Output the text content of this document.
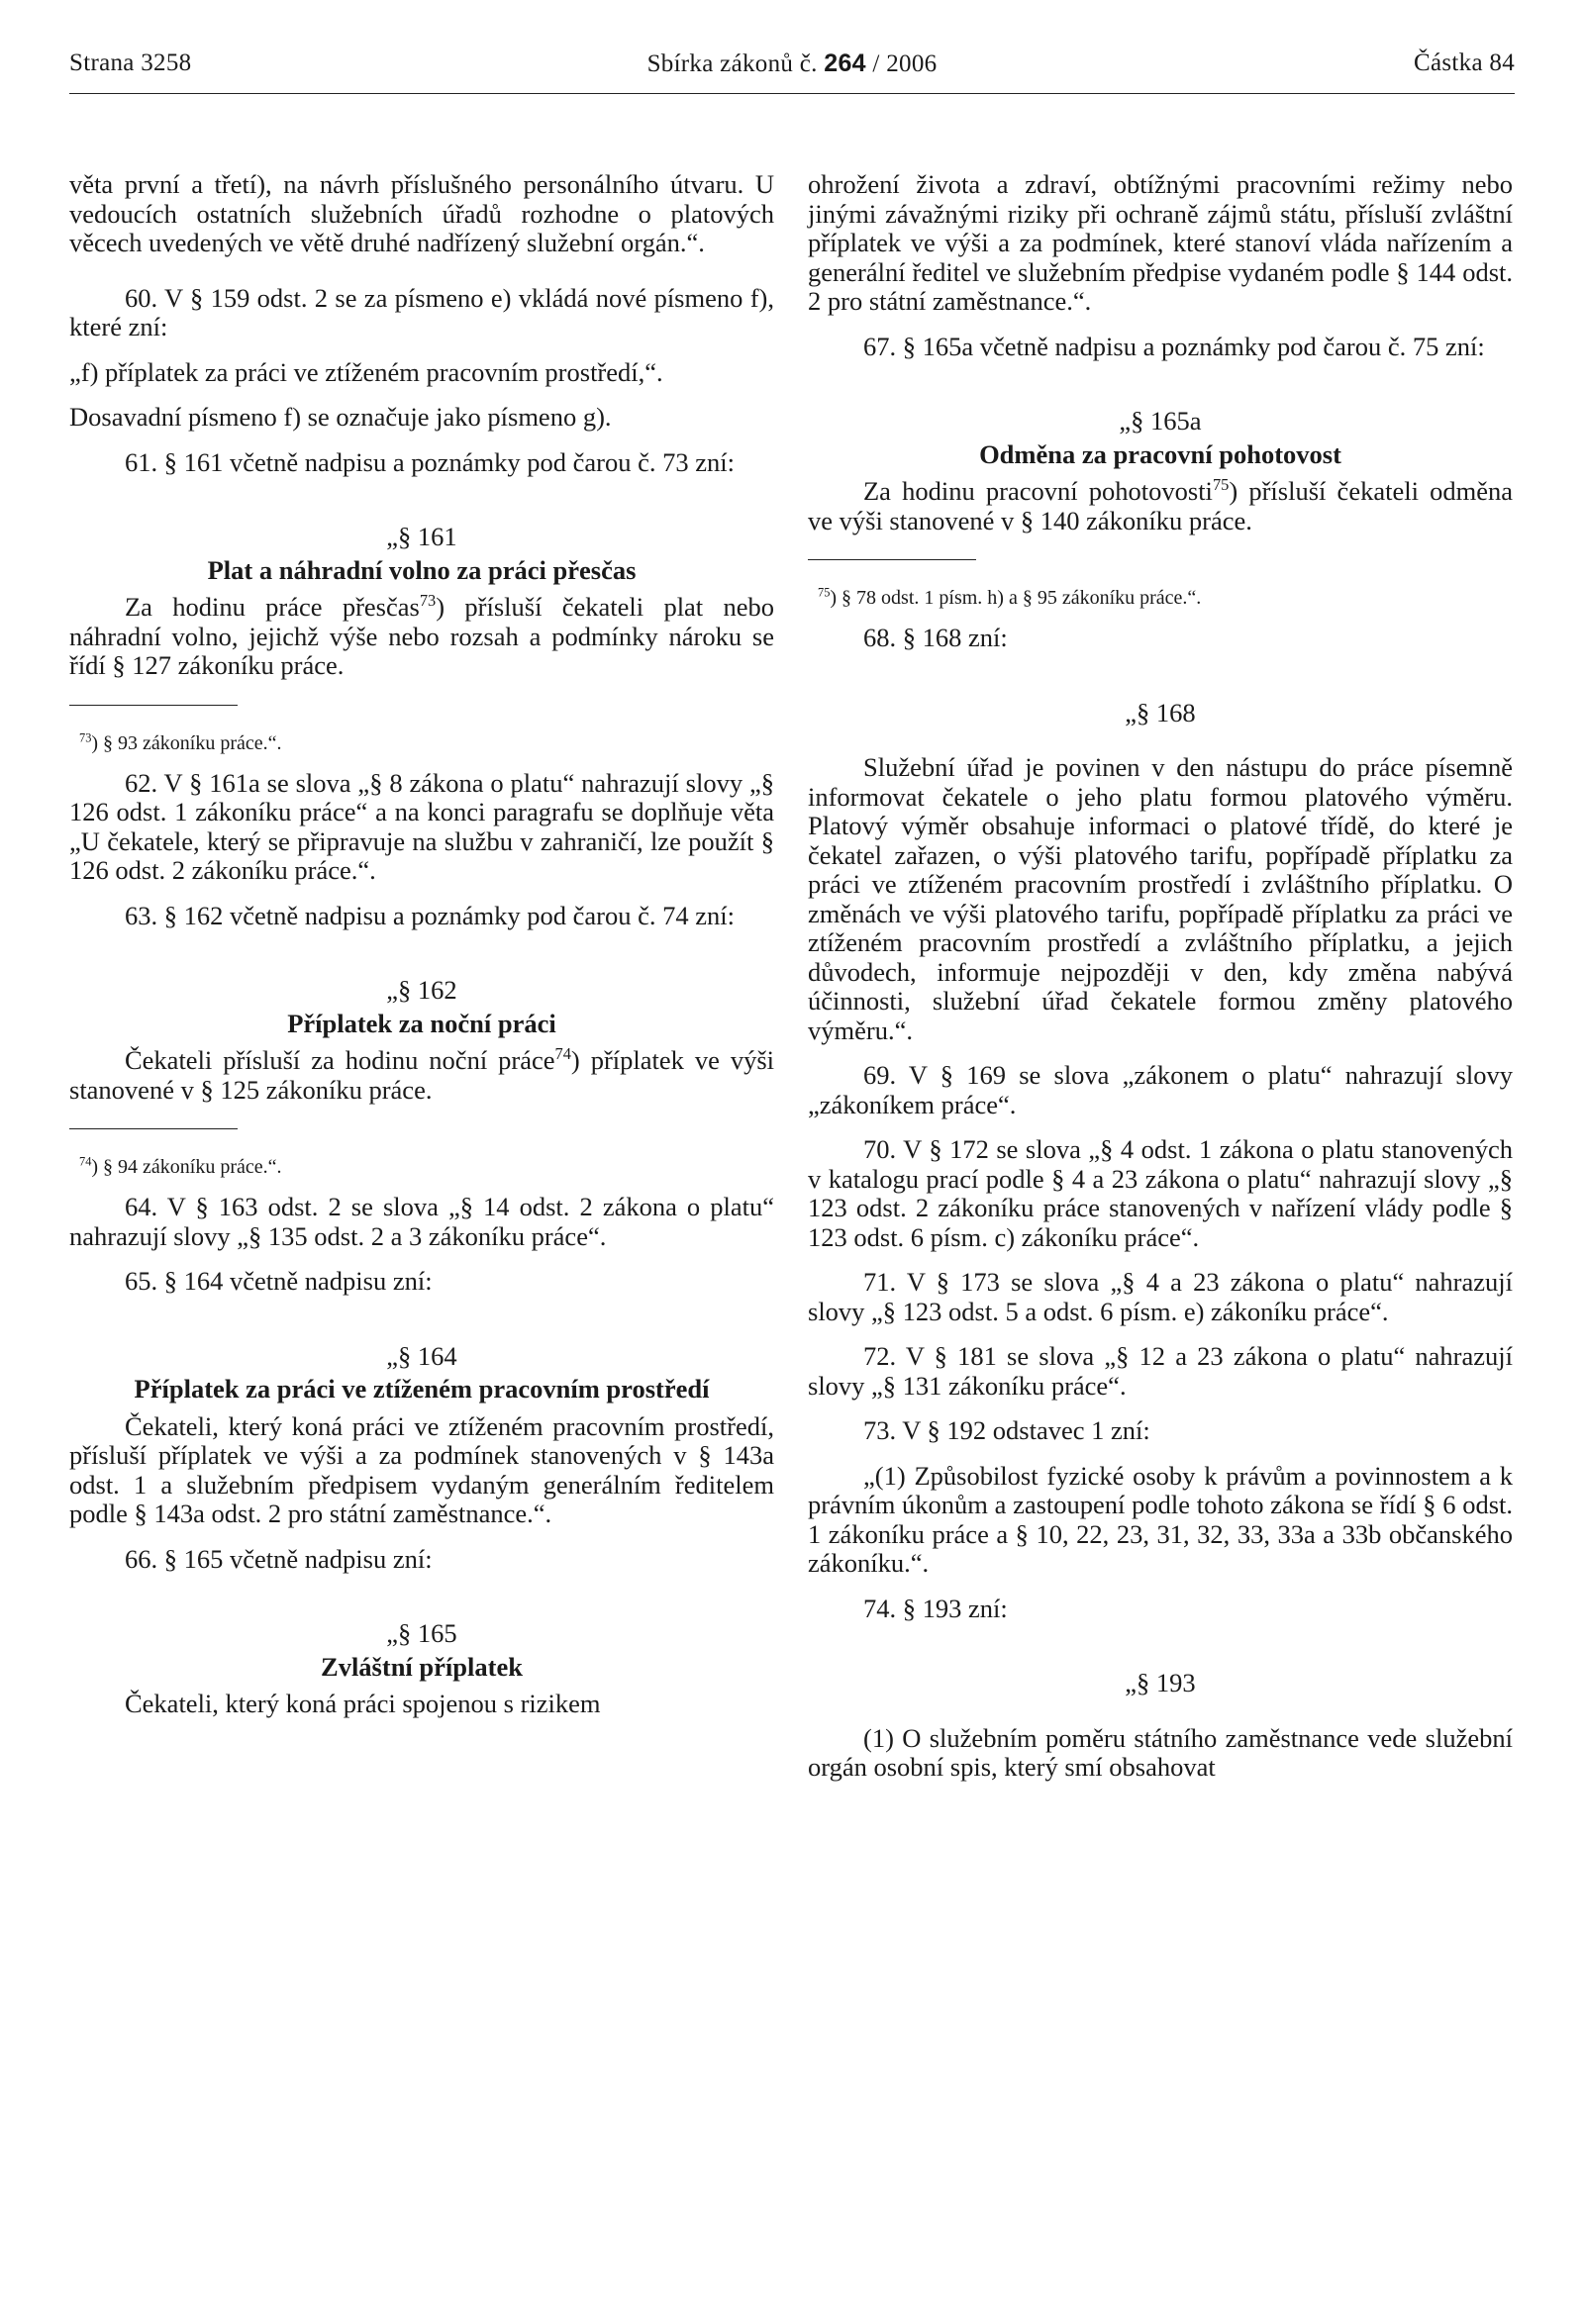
Strana 3258	Sbírka zákonů č. 264 / 2006	Částka 84

věta první a třetí), na návrh příslušného personálního útvaru. U vedoucích ostatních služebních úřadů rozhodne o platových věcech uvedených ve větě druhé nadřízený služební orgán.“.

60. V § 159 odst. 2 se za písmeno e) vkládá nové písmeno f), které zní:

„f) příplatek za práci ve ztíženém pracovním prostředí,“.

Dosavadní písmeno f) se označuje jako písmeno g).

61. § 161 včetně nadpisu a poznámky pod čarou č. 73 zní:

„§ 161

Plat a náhradní volno za práci přesčas

Za hodinu práce přesčas$^{73}$) přísluší čekateli plat nebo náhradní volno, jejichž výše nebo rozsah a podmínky nároku se řídí § 127 zákoníku práce.

$^{73}$) § 93 zákoníku práce.“.

62. V § 161a se slova „§ 8 zákona o platu“ nahrazují slovy „§ 126 odst. 1 zákoníku práce“ a na konci paragrafu se doplňuje věta „U čekatele, který se připravuje na službu v zahraničí, lze použít § 126 odst. 2 zákoníku práce.“.

63. § 162 včetně nadpisu a poznámky pod čarou č. 74 zní:

„§ 162

Příplatek za noční práci

Čekateli přísluší za hodinu noční práce$^{74}$) příplatek ve výši stanovené v § 125 zákoníku práce.

$^{74}$) § 94 zákoníku práce.“.

64. V § 163 odst. 2 se slova „§ 14 odst. 2 zákona o platu“ nahrazují slovy „§ 135 odst. 2 a 3 zákoníku práce“.

65. § 164 včetně nadpisu zní:

„§ 164

Příplatek za práci ve ztíženém pracovním prostředí

Čekateli, který koná práci ve ztíženém pracovním prostředí, přísluší příplatek ve výši a za podmínek stanovených v § 143a odst. 1 a služebním předpisem vydaným generálním ředitelem podle § 143a odst. 2 pro státní zaměstnance.“.

66. § 165 včetně nadpisu zní:

„§ 165

Zvláštní příplatek

Čekateli, který koná práci spojenou s rizikem

ohrožení života a zdraví, obtížnými pracovními režimy nebo jinými závažnými riziky při ochraně zájmů státu, přísluší zvláštní příplatek ve výši a za podmínek, které stanoví vláda nařízením a generální ředitel ve služebním předpise vydaném podle § 144 odst. 2 pro státní zaměstnance.“.

67. § 165a včetně nadpisu a poznámky pod čarou č. 75 zní:

„§ 165a

Odměna za pracovní pohotovost

Za hodinu pracovní pohotovosti$^{75}$) přísluší čekateli odměna ve výši stanovené v § 140 zákoníku práce.

$^{75}$) § 78 odst. 1 písm. h) a § 95 zákoníku práce.“.

68. § 168 zní:

„§ 168

Služební úřad je povinen v den nástupu do práce písemně informovat čekatele o jeho platu formou platového výměru. Platový výměr obsahuje informaci o platové třídě, do které je čekatel zařazen, o výši platového tarifu, popřípadě příplatku za práci ve ztíženém pracovním prostředí i zvláštního příplatku. O změnách ve výši platového tarifu, popřípadě příplatku za práci ve ztíženém pracovním prostředí a zvláštního příplatku, a jejich důvodech, informuje nejpozději v den, kdy změna nabývá účinnosti, služební úřad čekatele formou změny platového výměru.“.

69. V § 169 se slova „zákonem o platu“ nahrazují slovy „zákoníkem práce“.

70. V § 172 se slova „§ 4 odst. 1 zákona o platu stanovených v katalogu prací podle § 4 a 23 zákona o platu“ nahrazují slovy „§ 123 odst. 2 zákoníku práce stanovených v nařízení vlády podle § 123 odst. 6 písm. c) zákoníku práce“.

71. V § 173 se slova „§ 4 a 23 zákona o platu“ nahrazují slovy „§ 123 odst. 5 a odst. 6 písm. e) zákoníku práce“.

72. V § 181 se slova „§ 12 a 23 zákona o platu“ nahrazují slovy „§ 131 zákoníku práce“.

73. V § 192 odstavec 1 zní:

„(1) Způsobilost fyzické osoby k právům a povinnostem a k právním úkonům a zastoupení podle tohoto zákona se řídí § 6 odst. 1 zákoníku práce a § 10, 22, 23, 31, 32, 33, 33a a 33b občanského zákoníku.“.

74. § 193 zní:

„§ 193

(1) O služebním poměru státního zaměstnance vede služební orgán osobní spis, který smí obsahovat
